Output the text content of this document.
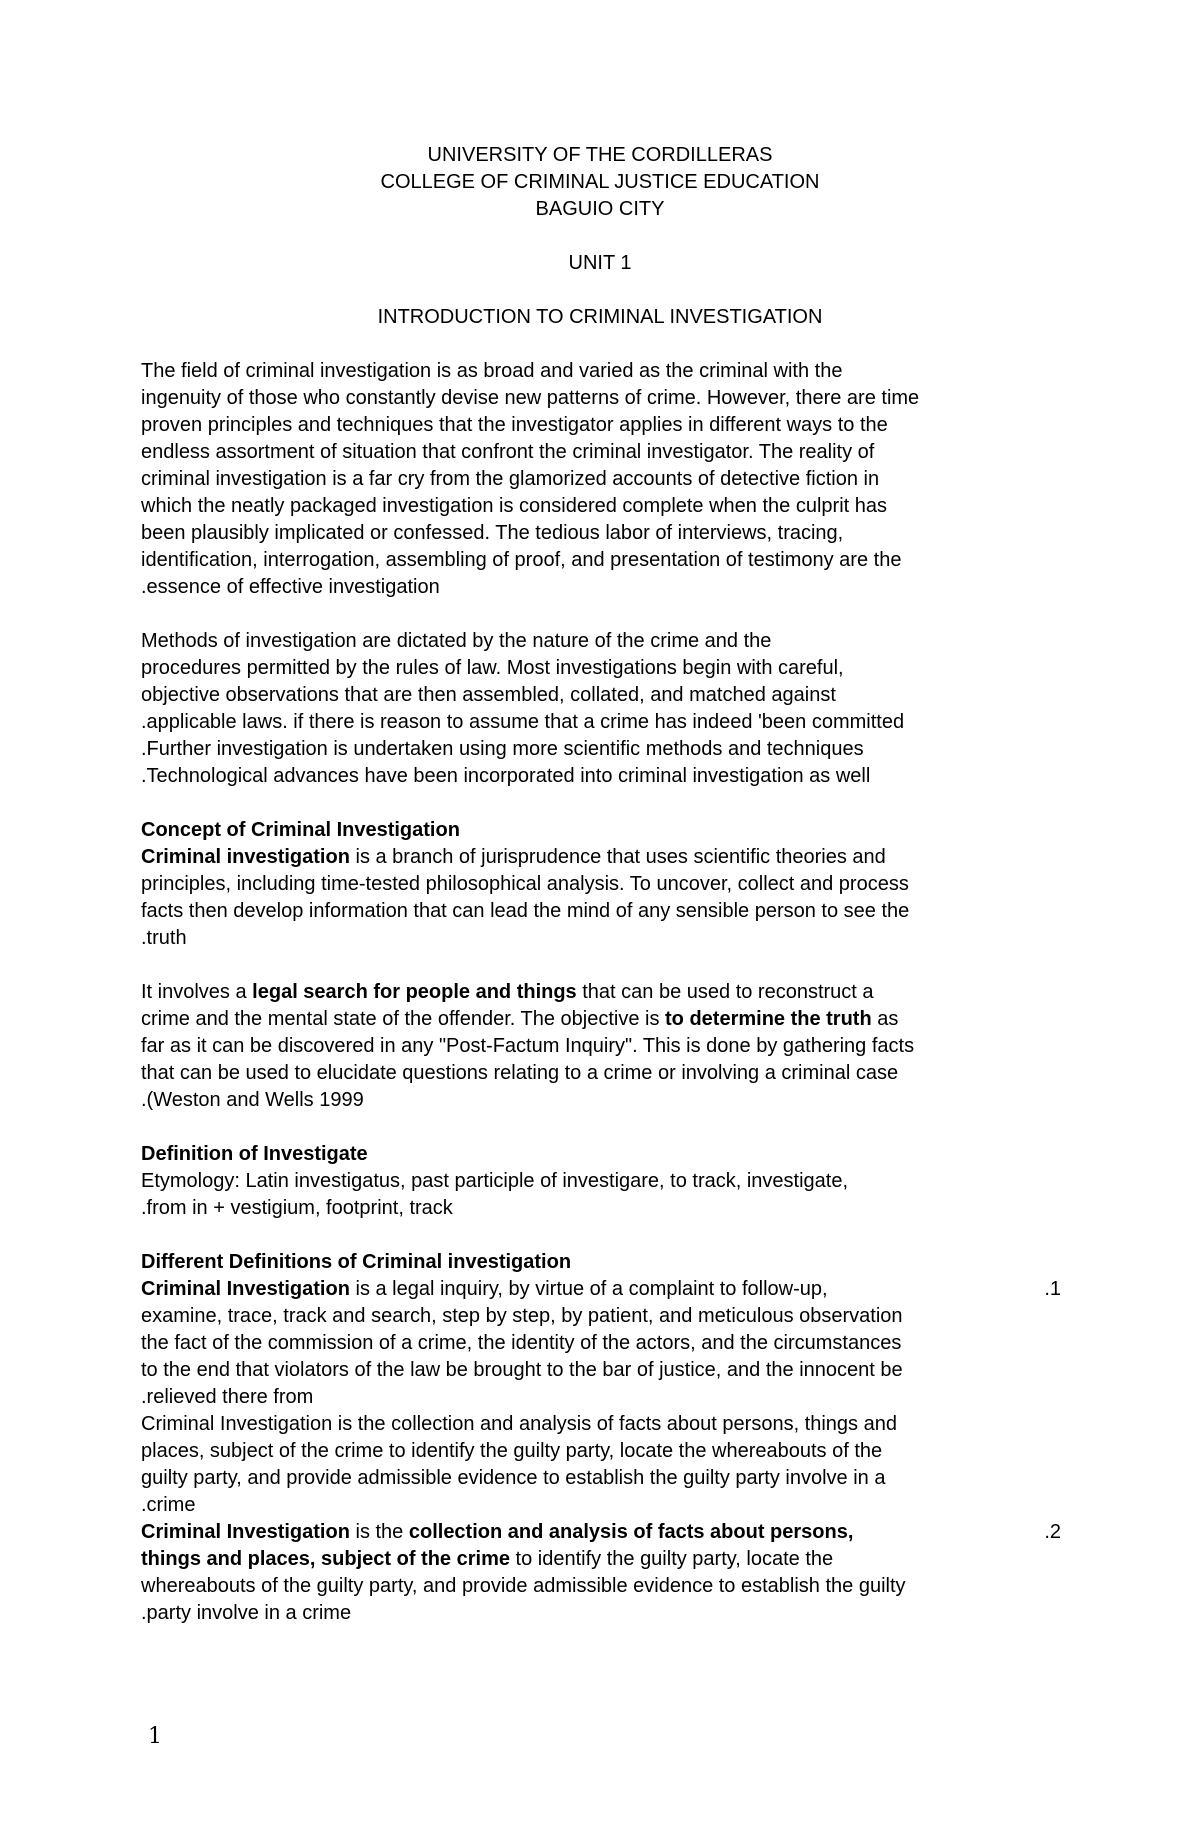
UNIVERSITY OF THE CORDILLERAS
COLLEGE OF CRIMINAL JUSTICE EDUCATION
BAGUIO CITY
UNIT 1
INTRODUCTION TO CRIMINAL INVESTIGATION
The field of criminal investigation is as broad and varied as the criminal with the
ingenuity of those who constantly devise new patterns of crime. However, there are time
proven principles and techniques that the investigator applies in different ways to the
endless assortment of situation that confront the criminal investigator. The reality of
criminal investigation is a far cry from the glamorized accounts of detective fiction in
which the neatly packaged investigation is considered complete when the culprit has
been plausibly implicated or confessed. The tedious labor of interviews, tracing,
identification, interrogation, assembling of proof, and presentation of testimony are the
.essence of effective investigation
Methods of investigation are dictated by the nature of the crime and the
procedures permitted by the rules of law. Most investigations begin with careful,
objective observations that are then assembled, collated, and matched against
.applicable laws. if there is reason to assume that a crime has indeed 'been committed
.Further investigation is undertaken using more scientific methods and techniques
.Technological advances have been incorporated into criminal investigation as well
Concept of Criminal Investigation
Criminal investigation is a branch of jurisprudence that uses scientific theories and
principles, including time-tested philosophical analysis. To uncover, collect and process
facts then develop information that can lead the mind of any sensible person to see the
.truth
It involves a legal search for people and things that can be used to reconstruct a
crime and the mental state of the offender. The objective is to determine the truth as
far as it can be discovered in any "Post-Factum Inquiry". This is done by gathering facts
that can be used to elucidate questions relating to a crime or involving a criminal case
.(Weston and Wells 1999
Definition of Investigate
Etymology: Latin investigatus, past participle of investigare, to track, investigate,
.from in + vestigium, footprint, track
Different Definitions of Criminal investigation
Criminal Investigation is a legal inquiry, by virtue of a complaint to follow-up,	.1
examine, trace, track and search, step by step, by patient, and meticulous observation
the fact of the commission of a crime, the identity of the actors, and the circumstances
to the end that violators of the law be brought to the bar of justice, and the innocent be
.relieved there from
Criminal Investigation is the collection and analysis of facts about persons, things and
places, subject of the crime to identify the guilty party, locate the whereabouts of the
guilty party, and provide admissible evidence to establish the guilty party involve in a
.crime
Criminal Investigation is the collection and analysis of facts about persons,	.2
things and places, subject of the crime to identify the guilty party, locate the
whereabouts of the guilty party, and provide admissible evidence to establish the guilty
.party involve in a crime
1
